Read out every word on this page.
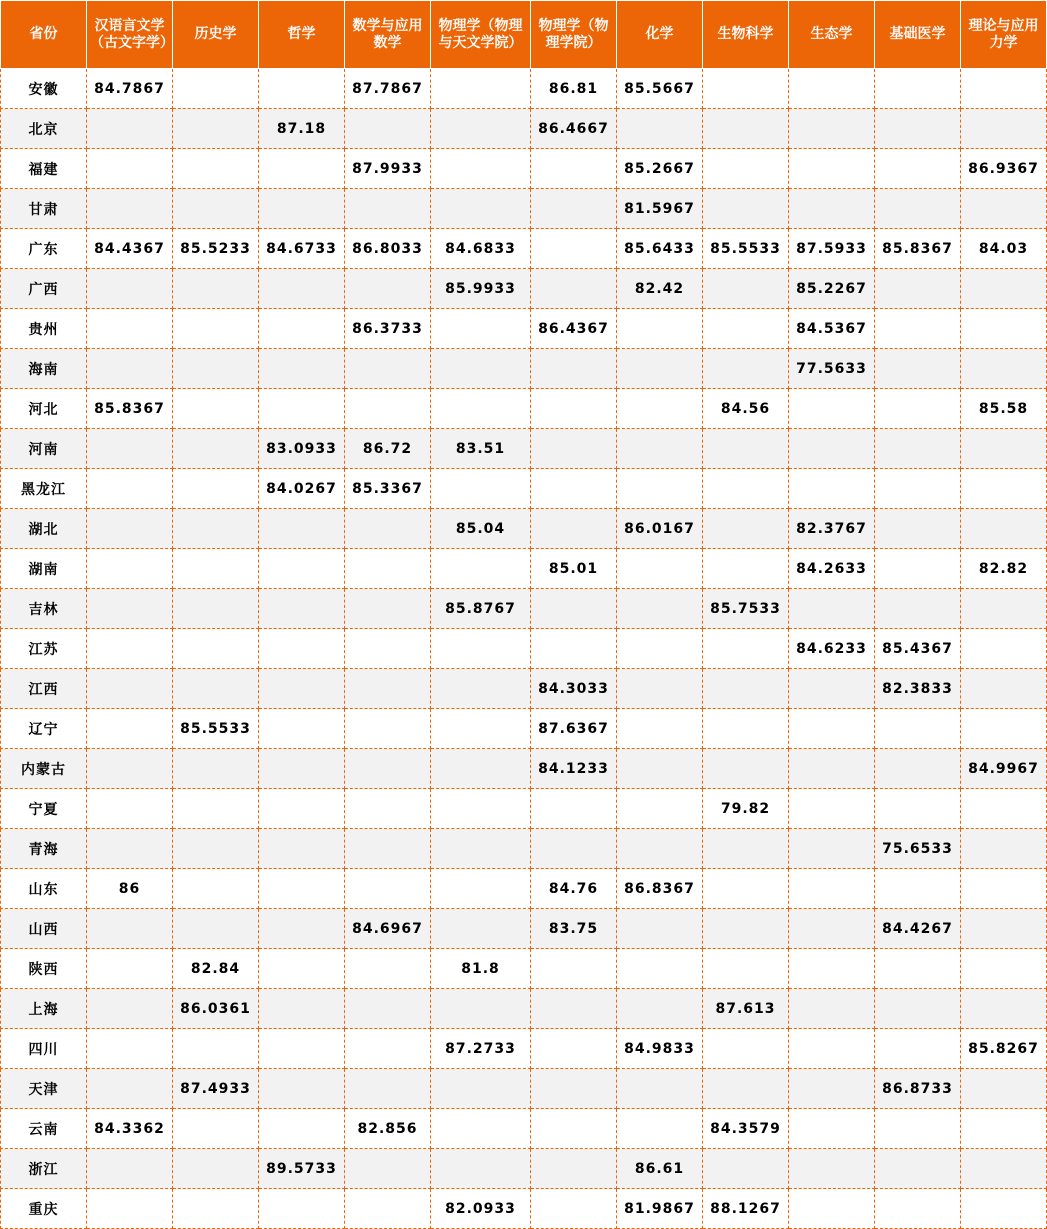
省份	汉语言文学（古文字学）	历史学	哲学	数学与应用数学	物理学（物理与天文学院）	物理学（物理学院）	化学	生物科学	生态学	基础医学	理论与应用力学
安徽	84.7867			87.7867		86.81	85.5667				
北京			87.18			86.4667					
福建				87.9933			85.2667				86.9367
甘肃							81.5967				
广东	84.4367	85.5233	84.6733	86.8033	84.6833		85.6433	85.5533	87.5933	85.8367	84.03
广西					85.9933		82.42		85.2267		
贵州				86.3733		86.4367			84.5367		
海南									77.5633		
河北	85.8367							84.56			85.58
河南			83.0933	86.72	83.51						
黑龙江			84.0267	85.3367							
湖北					85.04		86.0167		82.3767		
湖南						85.01			84.2633		82.82
吉林					85.8767			85.7533			
江苏									84.6233	85.4367	
江西						84.3033				82.3833	
辽宁		85.5533				87.6367					
内蒙古						84.1233					84.9967
宁夏								79.82			
青海										75.6533	
山东	86					84.76	86.8367				
山西				84.6967		83.75				84.4267	
陕西		82.84			81.8						
上海		86.0361						87.613			
四川					87.2733		84.9833				85.8267
天津		87.4933								86.8733	
云南	84.3362			82.856				84.3579			
浙江			89.5733				86.61				
重庆					82.0933		81.9867	88.1267			
